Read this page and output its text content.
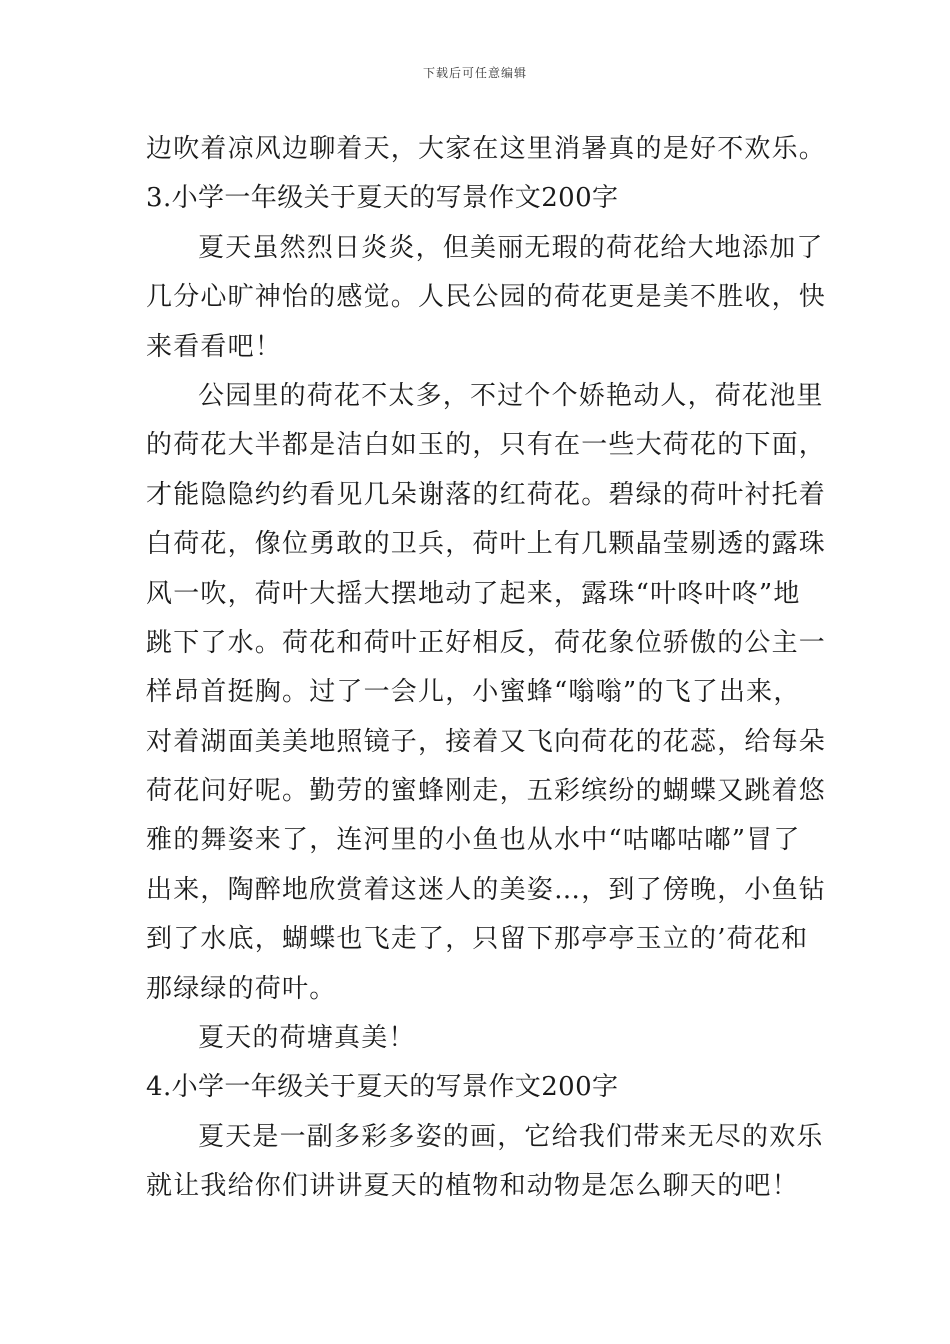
下载后可任意编辑
边吹着凉风边聊着天，大家在这里消暑真的是好不欢乐。
3.小学一年级关于夏天的写景作文200字
夏天虽然烈日炎炎，但美丽无瑕的荷花给大地添加了
几分心旷神怡的感觉。人民公园的荷花更是美不胜收，快
来看看吧！
公园里的荷花不太多，不过个个娇艳动人，荷花池里
的荷花大半都是洁白如玉的，只有在一些大荷花的下面，
才能隐隐约约看见几朵谢落的红荷花。碧绿的荷叶衬托着
白荷花，像位勇敢的卫兵，荷叶上有几颗晶莹剔透的露珠
风一吹，荷叶大摇大摆地动了起来，露珠“叶咚叶咚”地
跳下了水。荷花和荷叶正好相反，荷花象位骄傲的公主一
样昂首挺胸。过了一会儿，小蜜蜂“嗡嗡”的飞了出来，
对着湖面美美地照镜子，接着又飞向荷花的花蕊，给每朵
荷花问好呢。勤劳的蜜蜂刚走，五彩缤纷的蝴蝶又跳着悠
雅的舞姿来了，连河里的小鱼也从水中“咕嘟咕嘟”冒了
出来，陶醉地欣赏着这迷人的美姿…，到了傍晚，小鱼钻
到了水底，蝴蝶也飞走了，只留下那亭亭玉立的’荷花和
那绿绿的荷叶。
夏天的荷塘真美！
4.小学一年级关于夏天的写景作文200字
夏天是一副多彩多姿的画，它给我们带来无尽的欢乐
就让我给你们讲讲夏天的植物和动物是怎么聊天的吧！
